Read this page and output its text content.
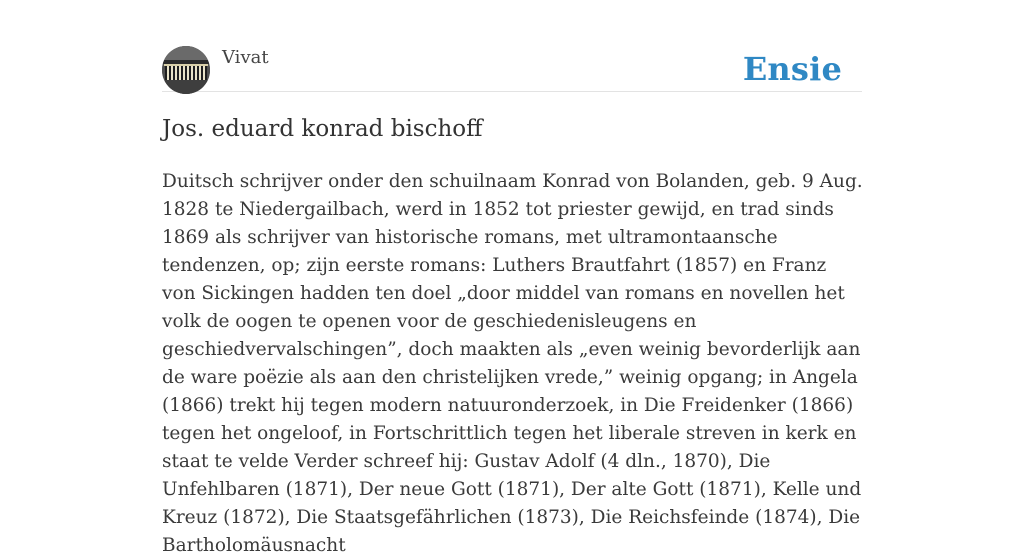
Vivat	Ensie
Jos. eduard konrad bischoff

Duitsch schrijver onder den schuilnaam Konrad von Bolanden, geb. 9 Aug. 1828 te Niedergailbach, werd in 1852 tot priester gewijd, en trad sinds 1869 als schrijver van historische romans, met ultramontaansche tendenzen, op; zijn eerste romans: Luthers Brautfahrt (1857) en Franz von Sickingen hadden ten doel „door middel van romans en novellen het volk de oogen te openen voor de geschiedenisleugens en geschiedvervalschingen”, doch maakten als „even weinig bevorderlijk aan de ware poëzie als aan den christelijken vrede,” weinig opgang; in Angela (1866) trekt hij tegen modern natuuronderzoek, in Die Freidenker (1866) tegen het ongeloof, in Fortschrittlich tegen het liberale streven in kerk en staat te velde Verder schreef hij: Gustav Adolf (4 dln., 1870), Die Unfehlbaren (1871), Der neue Gott (1871), Der alte Gott (1871), Kelle und Kreuz (1872), Die Staatsgefährlichen (1873), Die Reichsfeinde (1874), Die Bartholomäusnacht
